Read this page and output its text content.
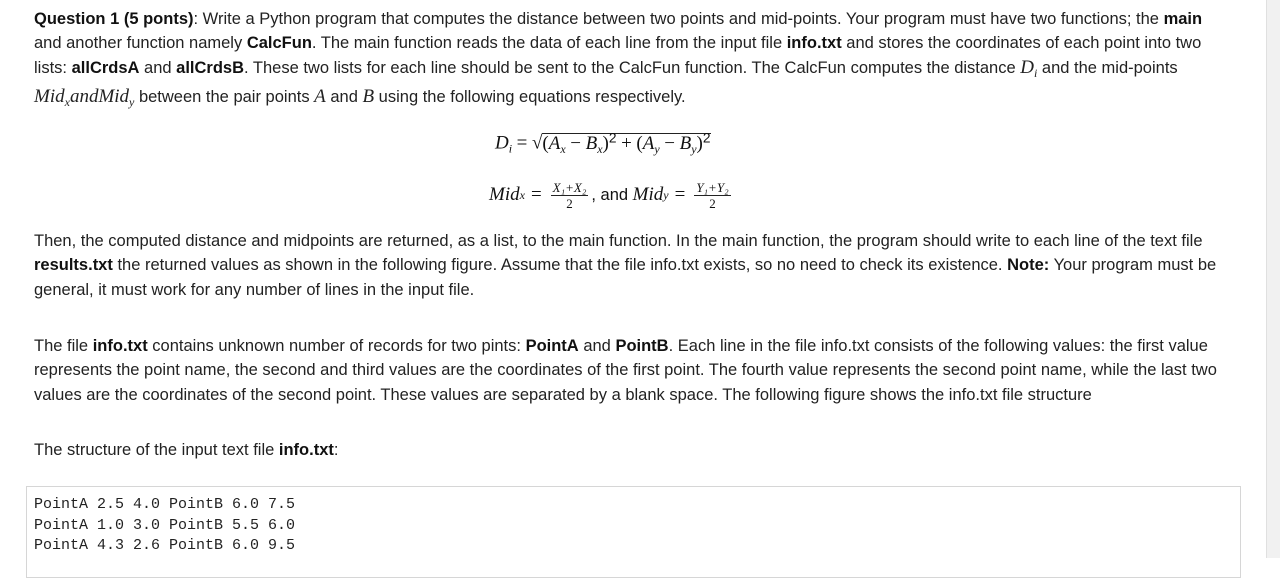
Question 1 (5 ponts): Write a Python program that computes the distance between two points and mid-points. Your program must have two functions; the main and another function namely CalcFun. The main function reads the data of each line from the input file info.txt and stores the coordinates of each point into two lists: allCrdsA and allCrdsB. These two lists for each line should be sent to the CalcFun function. The CalcFun computes the distance $D_i$ and the mid-points Mid$_x$andMid$_y$ between the pair points A and B using the following equations respectively.

$D_i = √(A_x - B_x)^2 + (A_y - B_y)^2$
Mid $x = \frac{\text{X₁+X₂}}{2}$ , and
Mid $y = \frac{\text{Y₁+Y₂}}{2}$

Then, the computed distance and midpoints are returned, as a list, to the main function. In the main function, the program should write to each line of the text file results.txt the returned values as shown in the following figure. Assume that the file info.txt exists, so no need to check its existence. Note: Your program must be general, it must work for any number of lines in the input file.

The file info.txt contains unknown number of records for two pints: PointA and PointB. Each line in the file info.txt consists of the following values: the first value represents the point name, the second and third values are the coordinates of the first point. The fourth value represents the second point name, while the last two values are the coordinates of the second point. These values are separated by a blank space. The following figure shows the info.txt file structure

The structure of the input text file info.txt:

PointA 2.5 4.0 PointB 6.0 7.5
PointA 1.0 3.0 PointB 5.5 6.0
PointA 4.3 2.6 PointB 6.0 9.5
